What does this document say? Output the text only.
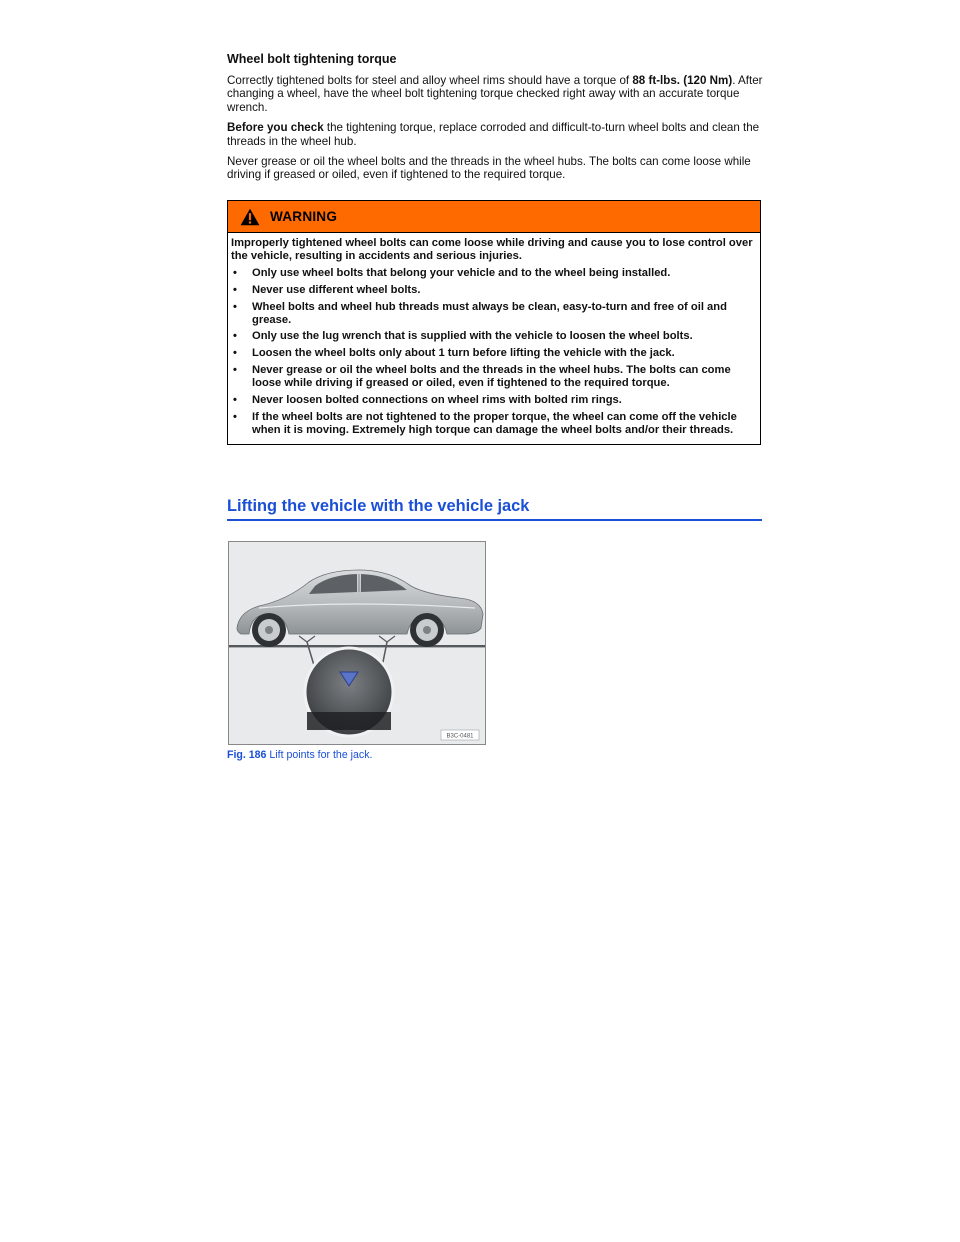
Wheel bolt tightening torque

Correctly tightened bolts for steel and alloy wheel rims should have a torque of 88 ft-lbs. (120 Nm). After changing a wheel, have the wheel bolt tightening torque checked right away with an accurate torque wrench.

Before you check the tightening torque, replace corroded and difficult-to-turn wheel bolts and clean the threads in the wheel hub.

Never grease or oil the wheel bolts and the threads in the wheel hubs. The bolts can come loose while driving if greased or oiled, even if tightened to the required torque.

WARNING

Improperly tightened wheel bolts can come loose while driving and cause you to lose control over the vehicle, resulting in accidents and serious injuries.

•	Only use wheel bolts that belong your vehicle and to the wheel being installed.
•	Never use different wheel bolts.
•	Wheel bolts and wheel hub threads must always be clean, easy-to-turn and free of oil and grease.
•	Only use the lug wrench that is supplied with the vehicle to loosen the wheel bolts.
•	Loosen the wheel bolts only about 1 turn before lifting the vehicle with the jack.
•	Never grease or oil the wheel bolts and the threads in the wheel hubs. The bolts can come loose while driving if greased or oiled, even if tightened to the required torque.
•	Never loosen bolted connections on wheel rims with bolted rim rings.
•	If the wheel bolts are not tightened to the proper torque, the wheel can come off the vehicle when it is moving. Extremely high torque can damage the wheel bolts and/or their threads.
Lifting the vehicle with the vehicle jack
B3C-0481
Fig. 186 Lift points for the jack.
